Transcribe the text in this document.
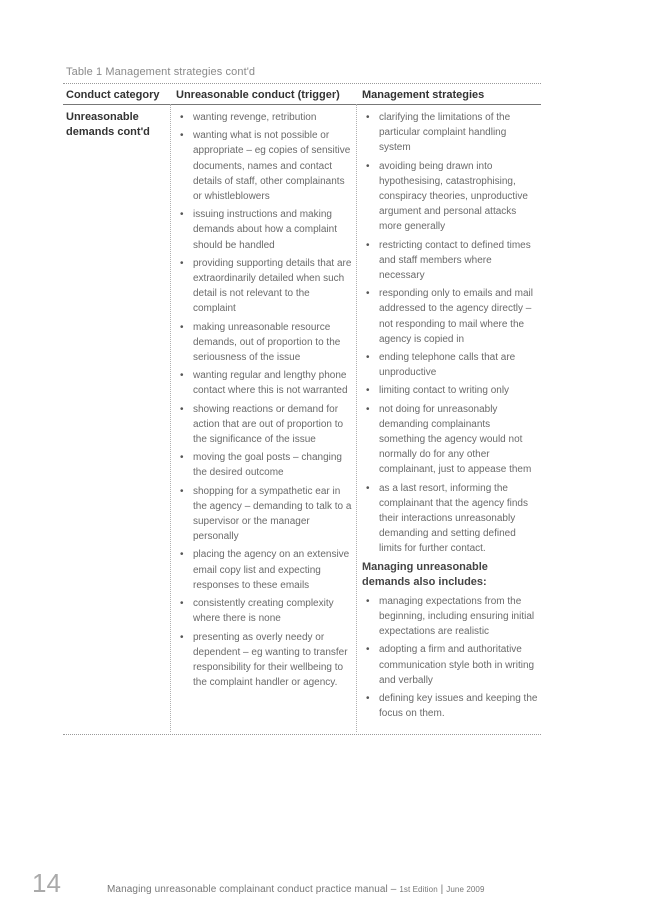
Table 1 Management strategies cont'd
Conduct category Unreasonable conduct (trigger) Management strategies
Unreasonable demands cont'd
• wanting revenge, retribution
• wanting what is not possible or appropriate – eg copies of sensitive documents, names and contact details of staff, other complainants or whistleblowers
• issuing instructions and making demands about how a complaint should be handled
• providing supporting details that are extraordinarily detailed when such detail is not relevant to the complaint
• making unreasonable resource demands, out of proportion to the seriousness of the issue
• wanting regular and lengthy phone contact where this is not warranted
• showing reactions or demand for action that are out of proportion to the significance of the issue
• moving the goal posts – changing the desired outcome
• shopping for a sympathetic ear in the agency – demanding to talk to a supervisor or the manager personally
• placing the agency on an extensive email copy list and expecting responses to these emails
• consistently creating complexity where there is none
• presenting as overly needy or dependent – eg wanting to transfer responsibility for their wellbeing to the complaint handler or agency.
• clarifying the limitations of the particular complaint handling system
• avoiding being drawn into hypothesising, catastrophising, conspiracy theories, unproductive argument and personal attacks more generally
• restricting contact to defined times and staff members where necessary
• responding only to emails and mail addressed to the agency directly – not responding to mail where the agency is copied in
• ending telephone calls that are unproductive
• limiting contact to writing only
• not doing for unreasonably demanding complainants something the agency would not normally do for any other complainant, just to appease them
• as a last resort, informing the complainant that the agency finds their interactions unreasonably demanding and setting defined limits for further contact.
Managing unreasonable demands also includes:
• managing expectations from the beginning, including ensuring initial expectations are realistic
• adopting a firm and authoritative communication style both in writing and verbally
• defining key issues and keeping the focus on them.
14	Managing unreasonable complainant conduct practice manual – 1st Edition | June 2009
